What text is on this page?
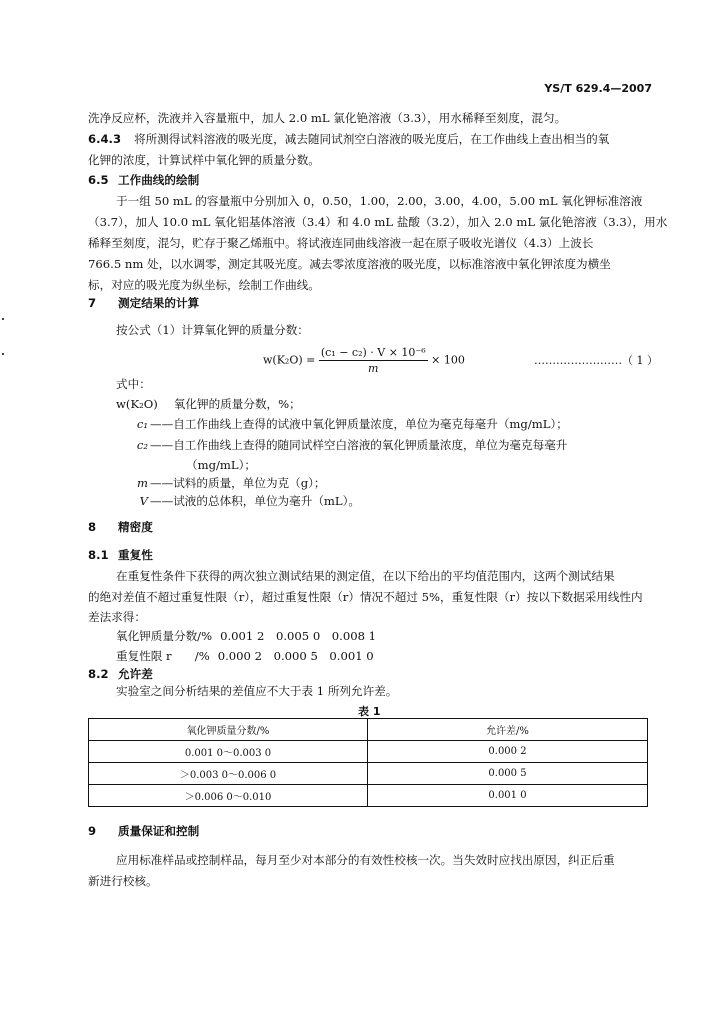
YS/T 629.4—2007
洗净反应杯，洗液并入容量瓶中，加人 2.0 mL 氯化铯溶液（3.3），用水稀释至刻度，混匀。
6.4.3 将所测得试料溶液的吸光度，减去随同试剂空白溶液的吸光度后，在工作曲线上查出相当的氧
化钾的浓度，计算试样中氧化钾的质量分数。
6.5 工作曲线的绘制
于一组 50 mL 的容量瓶中分别加入 0，0.50，1.00，2.00，3.00，4.00，5.00 mL 氧化钾标准溶液
（3.7），加人 10.0 mL 氧化铝基体溶液（3.4）和 4.0 mL 盐酸（3.2），加入 2.0 mL 氯化铯溶液（3.3），用水
稀释至刻度，混匀，贮存于聚乙烯瓶中。将试液连同曲线溶液一起在原子吸收光谱仪（4.3）上波长
766.5 nm 处，以水调零，测定其吸光度。减去零浓度溶液的吸光度，以标准溶液中氧化钾浓度为横坐
标，对应的吸光度为纵坐标，绘制工作曲线。
7 测定结果的计算
按公式（1）计算氧化钾的质量分数：
$w(K_2O) = \frac{\text{(c₁ − c₂) · V × 10⁻⁶}}{m} \times 100$	……………………（ 1 ）
式中：
w(K₂O) 氧化钾的质量分数，%；
c₁ ——自工作曲线上查得的试液中氧化钾质量浓度，单位为毫克每毫升（mg/mL）；
c₂ ——自工作曲线上查得的随同试样空白溶液的氧化钾质量浓度，单位为毫克每毫升
（mg/mL）；
m ——试料的质量，单位为克（g）；
V ——试液的总体积，单位为毫升（mL）。
8 精密度
8.1 重复性
在重复性条件下获得的两次独立测试结果的测定值，在以下给出的平均值范围内，这两个测试结果
的绝对差值不超过重复性限（r），超过重复性限（r）情况不超过 5%，重复性限（r）按以下数据采用线性内
差法求得：
氧化钾质量分数/% 0.001 2　0.005 0　0.008 1
重复性限 r　　/% 0.000 2　0.000 5　0.001 0
8.2 允许差
实验室之间分析结果的差值应不大于表 1 所列允许差。
表 1
氧化钾质量分数/%	允许差/%
0.001 0～0.003 0	0.000 2
＞0.003 0～0.006 0	0.000 5
＞0.006 0～0.010	0.001 0
9 质量保证和控制
应用标准样品或控制样品，每月至少对本部分的有效性校核一次。当失效时应找出原因，纠正后重
新进行校核。
